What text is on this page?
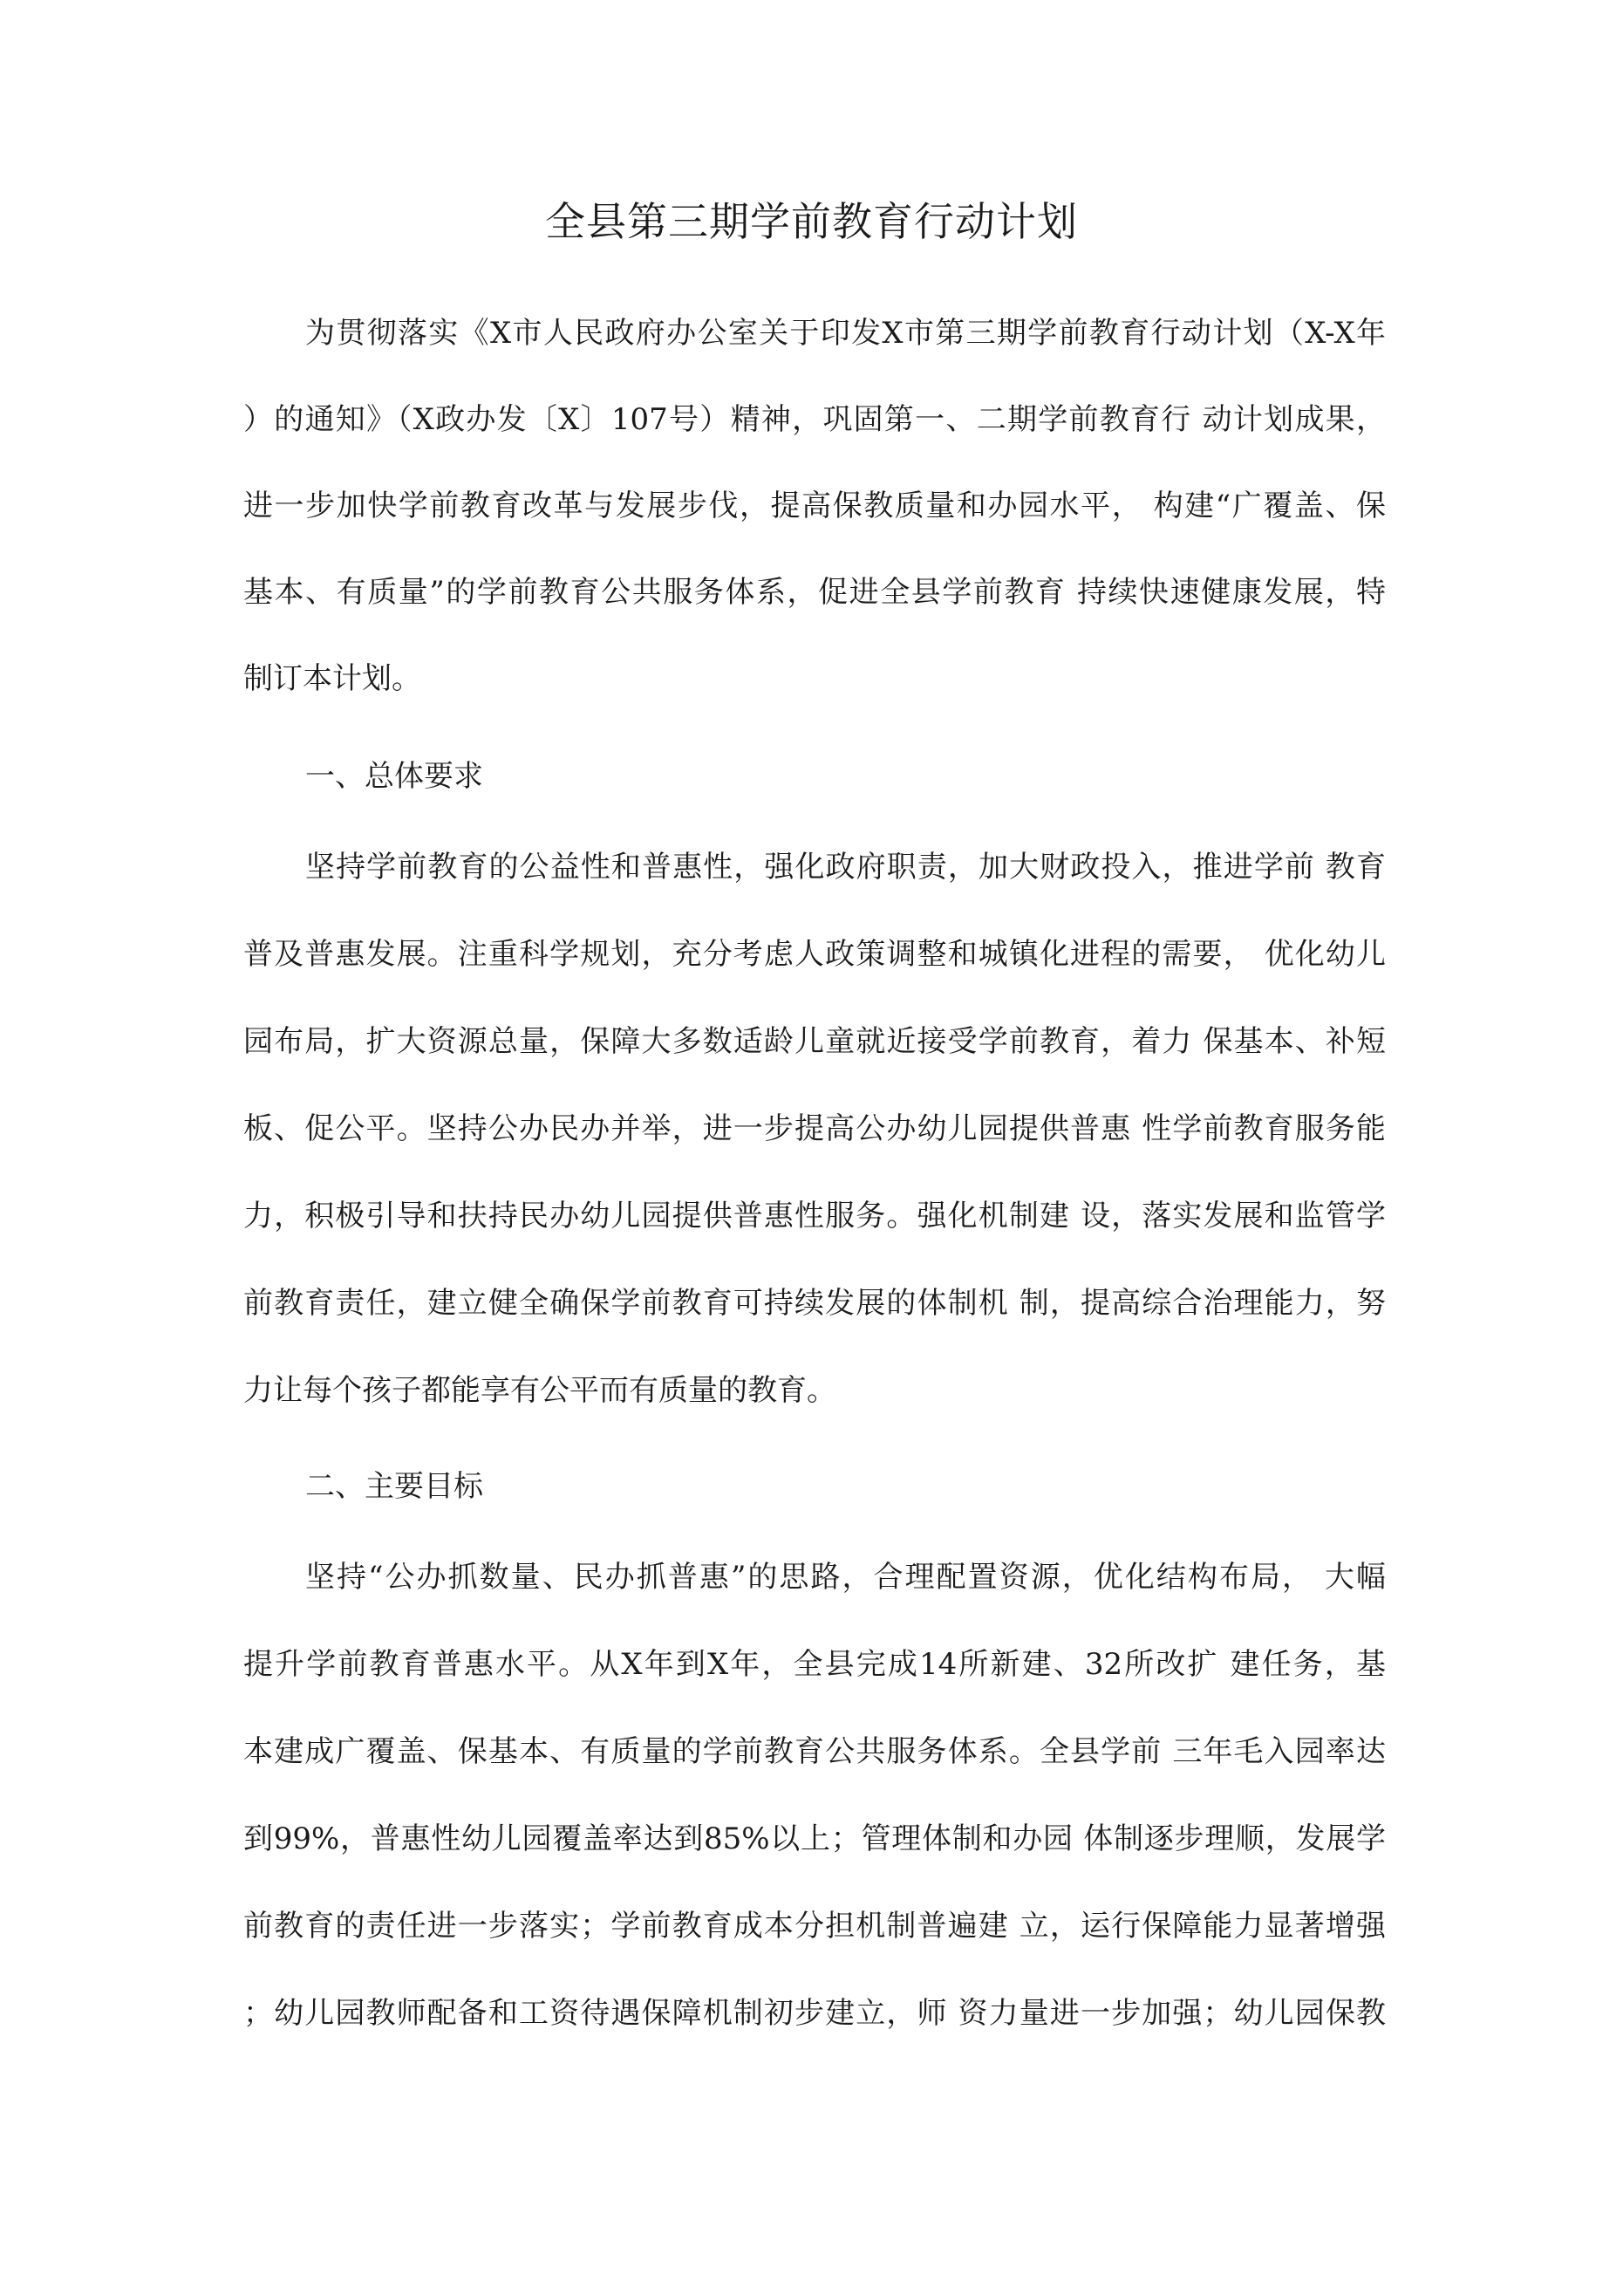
全县第三期学前教育行动计划

为贯彻落实《X市人民政府办公室关于印发X市第三期学前教育行动计划（X-X年

）的通知》（X政办发〔X〕107号）精神，巩固第一、二期学前教育行 动计划成果，

进一步加快学前教育改革与发展步伐，提高保教质量和办园水平， 构建“广覆盖、保

基本、有质量”的学前教育公共服务体系，促进全县学前教育 持续快速健康发展，特

制订本计划。

一、总体要求

坚持学前教育的公益性和普惠性，强化政府职责，加大财政投入，推进学前 教育

普及普惠发展。注重科学规划，充分考虑人政策调整和城镇化进程的需要， 优化幼儿

园布局，扩大资源总量，保障大多数适龄儿童就近接受学前教育，着力 保基本、补短

板、促公平。坚持公办民办并举，进一步提高公办幼儿园提供普惠 性学前教育服务能

力，积极引导和扶持民办幼儿园提供普惠性服务。强化机制建 设，落实发展和监管学

前教育责任，建立健全确保学前教育可持续发展的体制机 制，提高综合治理能力，努

力让每个孩子都能享有公平而有质量的教育。

二、主要目标

坚持“公办抓数量、民办抓普惠”的思路，合理配置资源，优化结构布局， 大幅

提升学前教育普惠水平。从X年到X年，全县完成14所新建、32所改扩 建任务，基

本建成广覆盖、保基本、有质量的学前教育公共服务体系。全县学前 三年毛入园率达

到99%，普惠性幼儿园覆盖率达到85%以上；管理体制和办园 体制逐步理顺，发展学

前教育的责任进一步落实；学前教育成本分担机制普遍建 立，运行保障能力显著增强

；幼儿园教师配备和工资待遇保障机制初步建立，师 资力量进一步加强；幼儿园保教
